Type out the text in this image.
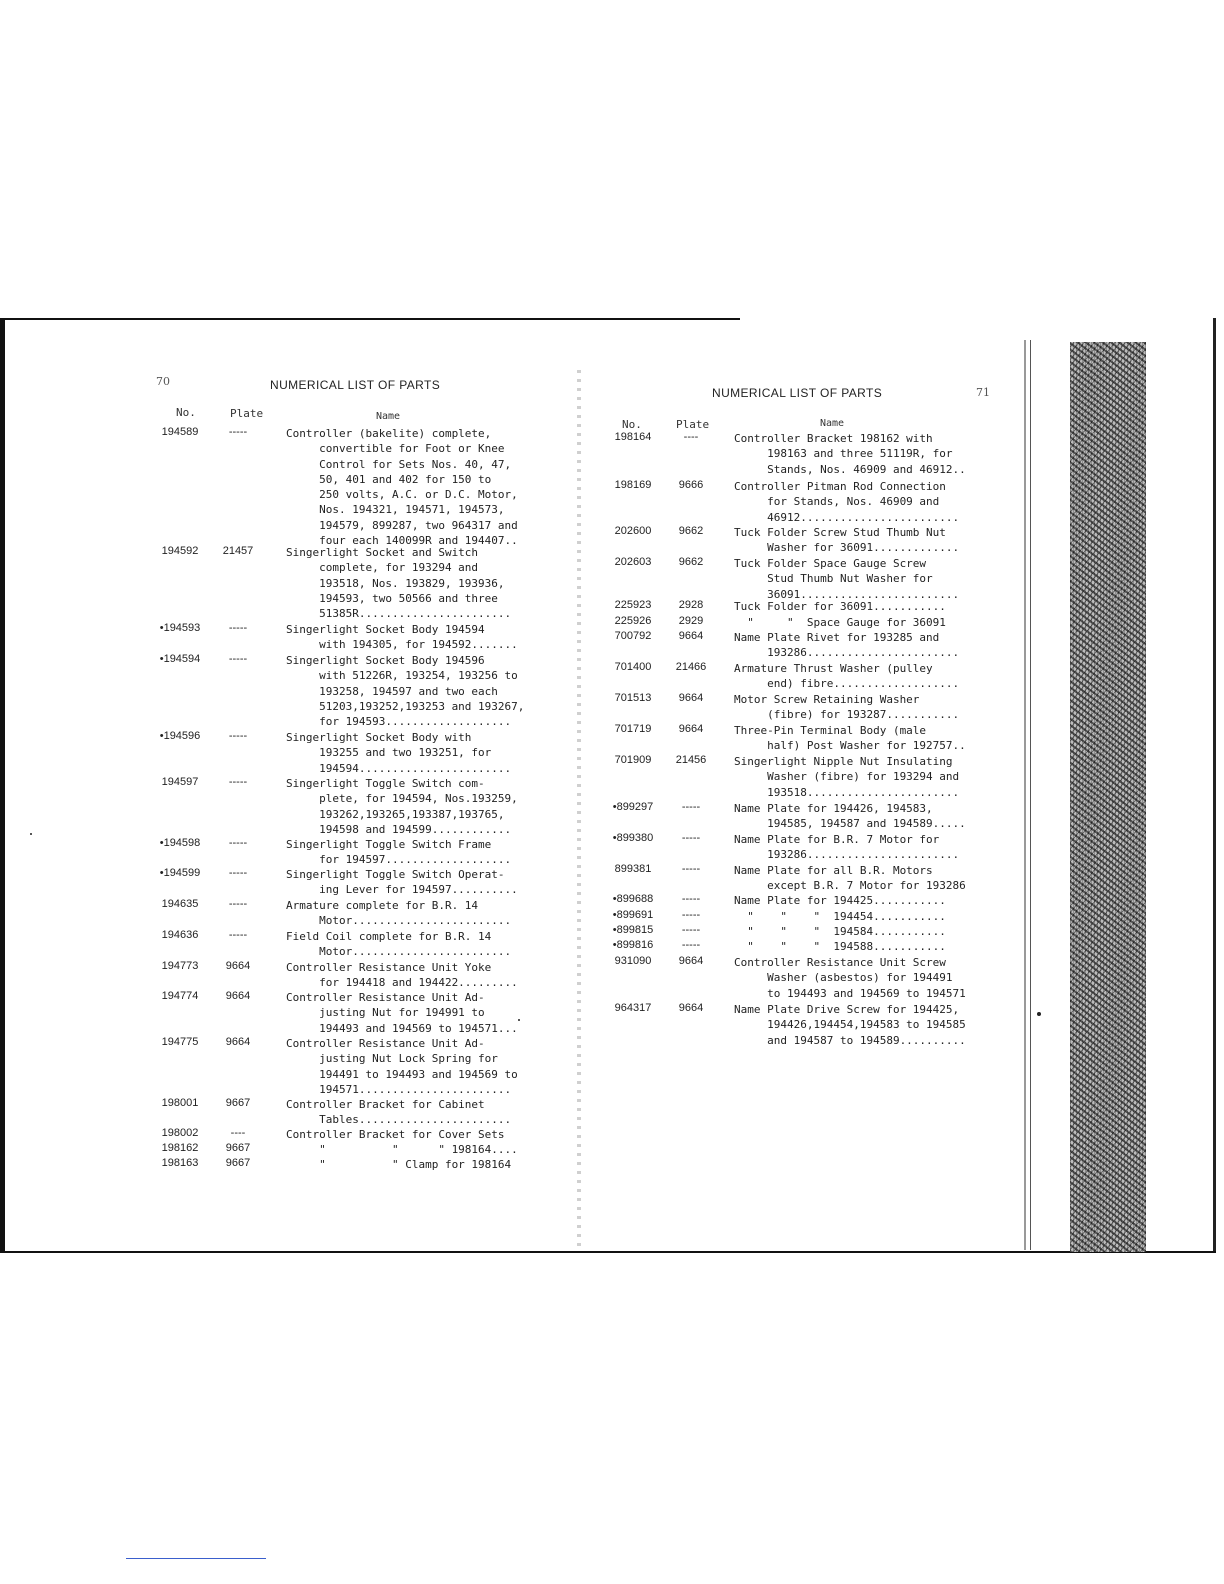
70	NUMERICAL LIST OF PARTS
No.	Plate	Name
194589	-----	Controller (bakelite) complete,
convertible for Foot or Knee
Control for Sets Nos. 40, 47,
50, 401 and 402 for 150 to
250 volts, A.C. or D.C. Motor,
Nos. 194321, 194571, 194573,
194579, 899287, two 964317 and
four each 140099R and 194407..
194592	21457	Singerlight Socket and Switch
complete, for 193294 and
193518, Nos. 193829, 193936,
194593, two 50566 and three
51385R.......................
•194593	-----	Singerlight Socket Body 194594
with 194305, for 194592.......
•194594	-----	Singerlight Socket Body 194596
with 51226R, 193254, 193256 to
193258, 194597 and two each
51203,193252,193253 and 193267,
for 194593...................
•194596	-----	Singerlight Socket Body with
193255 and two 193251, for
194594.......................
194597	-----	Singerlight Toggle Switch com-
plete, for 194594, Nos.193259,
193262,193265,193387,193765,
194598 and 194599............
•194598	-----	Singerlight Toggle Switch Frame
for 194597...................
•194599	-----	Singerlight Toggle Switch Operat-
ing Lever for 194597..........
194635	-----	Armature complete for B.R. 14
Motor........................
194636	-----	Field Coil complete for B.R. 14
Motor........................
194773	9664	Controller Resistance Unit Yoke
for 194418 and 194422.........
194774	9664	Controller Resistance Unit Ad-
justing Nut for 194991 to
194493 and 194569 to 194571...
194775	9664	Controller Resistance Unit Ad-
justing Nut Lock Spring for
194491 to 194493 and 194569 to
194571.......................
198001	9667	Controller Bracket for Cabinet
Tables.......................
198002	----	Controller Bracket for Cover Sets
198162	9667	"          "      " 198164....
198163	9667	"          " Clamp for 198164
NUMERICAL LIST OF PARTS	71
No.	Plate	Name
198164	----	Controller Bracket 198162 with
198163 and three 51119R, for
Stands, Nos. 46909 and 46912..
198169	9666	Controller Pitman Rod Connection
for Stands, Nos. 46909 and
46912........................
202600	9662	Tuck Folder Screw Stud Thumb Nut
Washer for 36091.............
202603	9662	Tuck Folder Space Gauge Screw
Stud Thumb Nut Washer for
36091........................
225923	2928	Tuck Folder for 36091...........
225926	2929	"     "  Space Gauge for 36091
700792	9664	Name Plate Rivet for 193285 and
193286.......................
701400	21466	Armature Thrust Washer (pulley
end) fibre...................
701513	9664	Motor Screw Retaining Washer
(fibre) for 193287...........
701719	9664	Three-Pin Terminal Body (male
half) Post Washer for 192757..
701909	21456	Singerlight Nipple Nut Insulating
Washer (fibre) for 193294 and
193518.......................
•899297	-----	Name Plate for 194426, 194583,
194585, 194587 and 194589.....
•899380	-----	Name Plate for B.R. 7 Motor for
193286.......................
899381	-----	Name Plate for all B.R. Motors
except B.R. 7 Motor for 193286
•899688	-----	Name Plate for 194425...........
•899691	-----	"    "    "  194454...........
•899815	-----	"    "    "  194584...........
•899816	-----	"    "    "  194588...........
931090	9664	Controller Resistance Unit Screw
Washer (asbestos) for 194491
to 194493 and 194569 to 194571
964317	9664	Name Plate Drive Screw for 194425,
194426,194454,194583 to 194585
and 194587 to 194589..........
